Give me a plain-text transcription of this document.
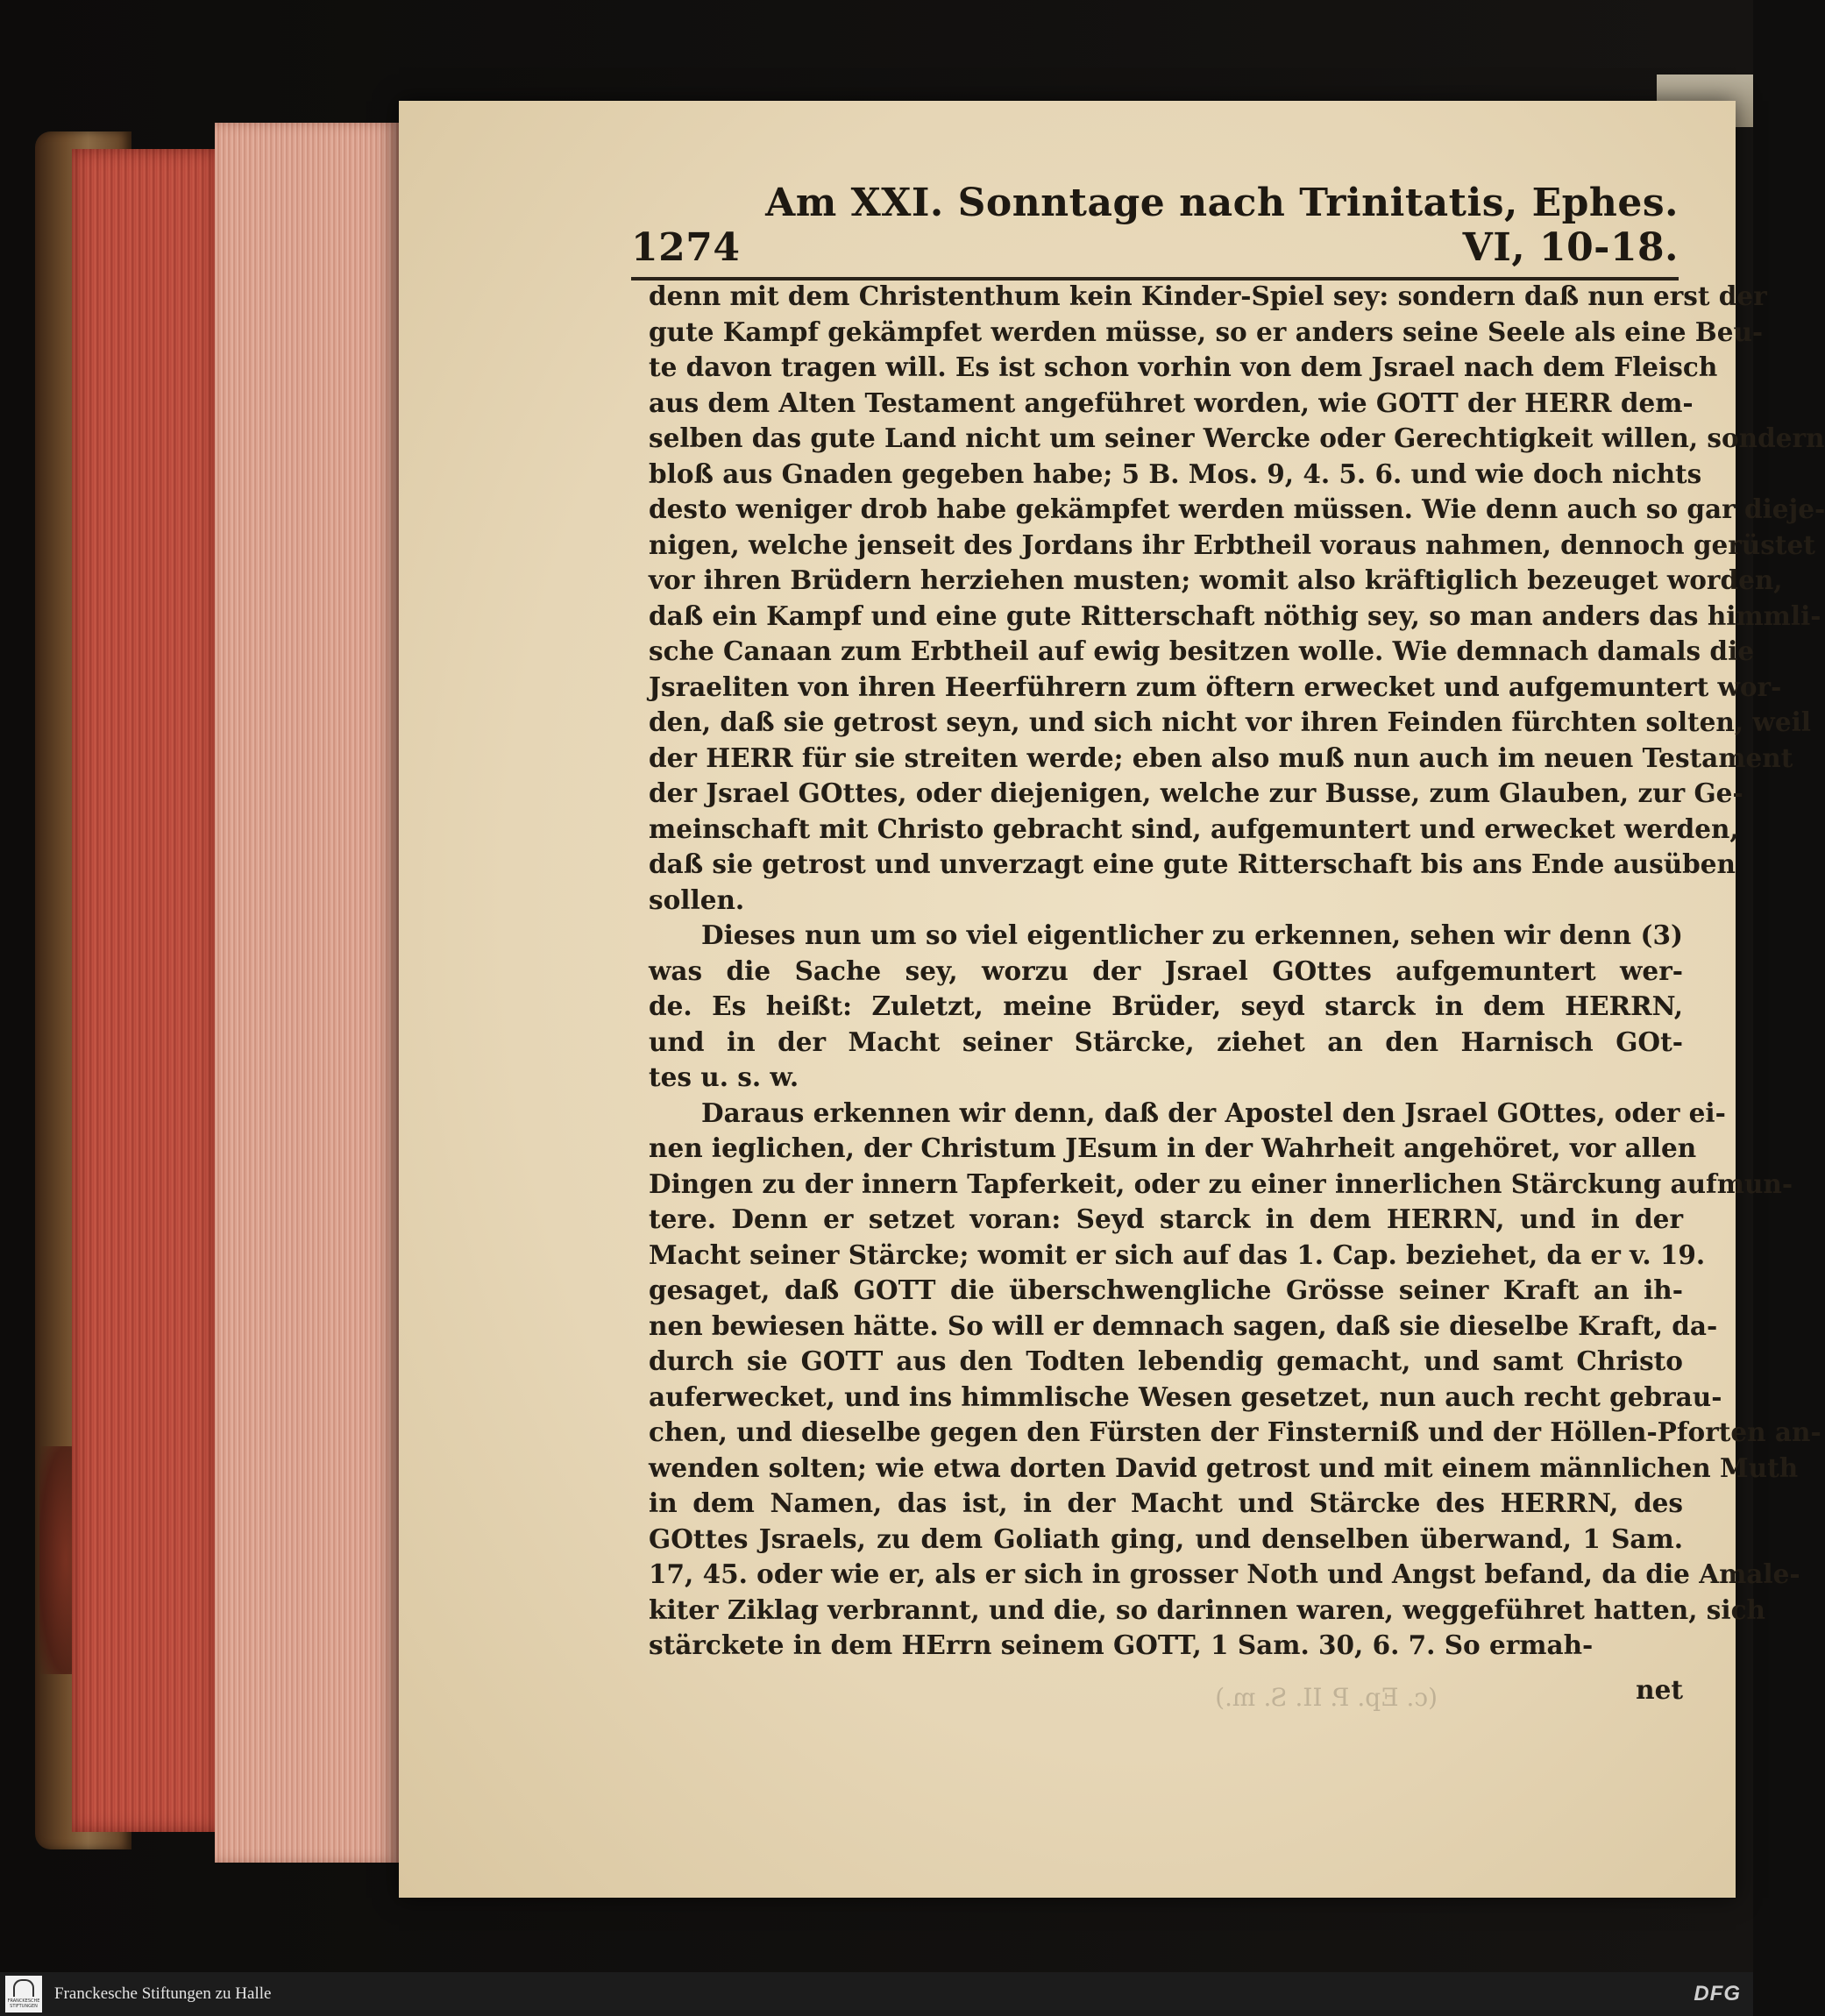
1274
Am XXI. Sonntage nach Trinitatis, Ephes. VI, 10-18.
denn mit dem Christenthum kein Kinder-Spiel sey: sondern daß nun erst der
gute Kampf gekämpfet werden müsse, so er anders seine Seele als eine Beu-
te davon tragen will. Es ist schon vorhin von dem Jsrael nach dem Fleisch
aus dem Alten Testament angeführet worden, wie GOTT der HERR dem-
selben das gute Land nicht um seiner Wercke oder Gerechtigkeit willen, sondern
bloß aus Gnaden gegeben habe; 5 B. Mos. 9, 4. 5. 6. und wie doch nichts
desto weniger drob habe gekämpfet werden müssen. Wie denn auch so gar dieje-
nigen, welche jenseit des Jordans ihr Erbtheil voraus nahmen, dennoch gerüstet
vor ihren Brüdern herziehen musten; womit also kräftiglich bezeuget worden,
daß ein Kampf und eine gute Ritterschaft nöthig sey, so man anders das himmli-
sche Canaan zum Erbtheil auf ewig besitzen wolle. Wie demnach damals die
Jsraeliten von ihren Heerführern zum öftern erwecket und aufgemuntert wor-
den, daß sie getrost seyn, und sich nicht vor ihren Feinden fürchten solten, weil
der HERR für sie streiten werde; eben also muß nun auch im neuen Testament
der Jsrael GOttes, oder diejenigen, welche zur Busse, zum Glauben, zur Ge-
meinschaft mit Christo gebracht sind, aufgemuntert und erwecket werden,
daß sie getrost und unverzagt eine gute Ritterschaft bis ans Ende ausüben
sollen.
Dieses nun um so viel eigentlicher zu erkennen, sehen wir denn (3)
was die Sache sey, worzu der Jsrael GOttes aufgemuntert wer-
de. Es heißt: Zuletzt, meine Brüder, seyd starck in dem HERRN,
und in der Macht seiner Stärcke, ziehet an den Harnisch GOt-
tes u. s. w.
Daraus erkennen wir denn, daß der Apostel den Jsrael GOttes, oder ei-
nen ieglichen, der Christum JEsum in der Wahrheit angehöret, vor allen
Dingen zu der innern Tapferkeit, oder zu einer innerlichen Stärckung aufmun-
tere. Denn er setzet voran: Seyd starck in dem HERRN, und in der
Macht seiner Stärcke; womit er sich auf das 1. Cap. beziehet, da er v. 19.
gesaget, daß GOTT die überschwengliche Grösse seiner Kraft an ih-
nen bewiesen hätte. So will er demnach sagen, daß sie dieselbe Kraft, da-
durch sie GOTT aus den Todten lebendig gemacht, und samt Christo
auferwecket, und ins himmlische Wesen gesetzet, nun auch recht gebrau-
chen, und dieselbe gegen den Fürsten der Finsterniß und der Höllen-Pforten an-
wenden solten; wie etwa dorten David getrost und mit einem männlichen Muth
in dem Namen, das ist, in der Macht und Stärcke des HERRN, des
GOttes Jsraels, zu dem Goliath ging, und denselben überwand, 1 Sam.
17, 45. oder wie er, als er sich in grosser Noth und Angst befand, da die Amale-
kiter Ziklag verbrannt, und die, so darinnen waren, weggeführet hatten, sich
stärckete in dem HErrn seinem GOTT, 1 Sam. 30, 6. 7. So ermah-
(c. Ep. P. II. S. m.)	net
FRANCKESCHE STIFTUNGEN
Franckesche Stiftungen zu Halle	DFG
